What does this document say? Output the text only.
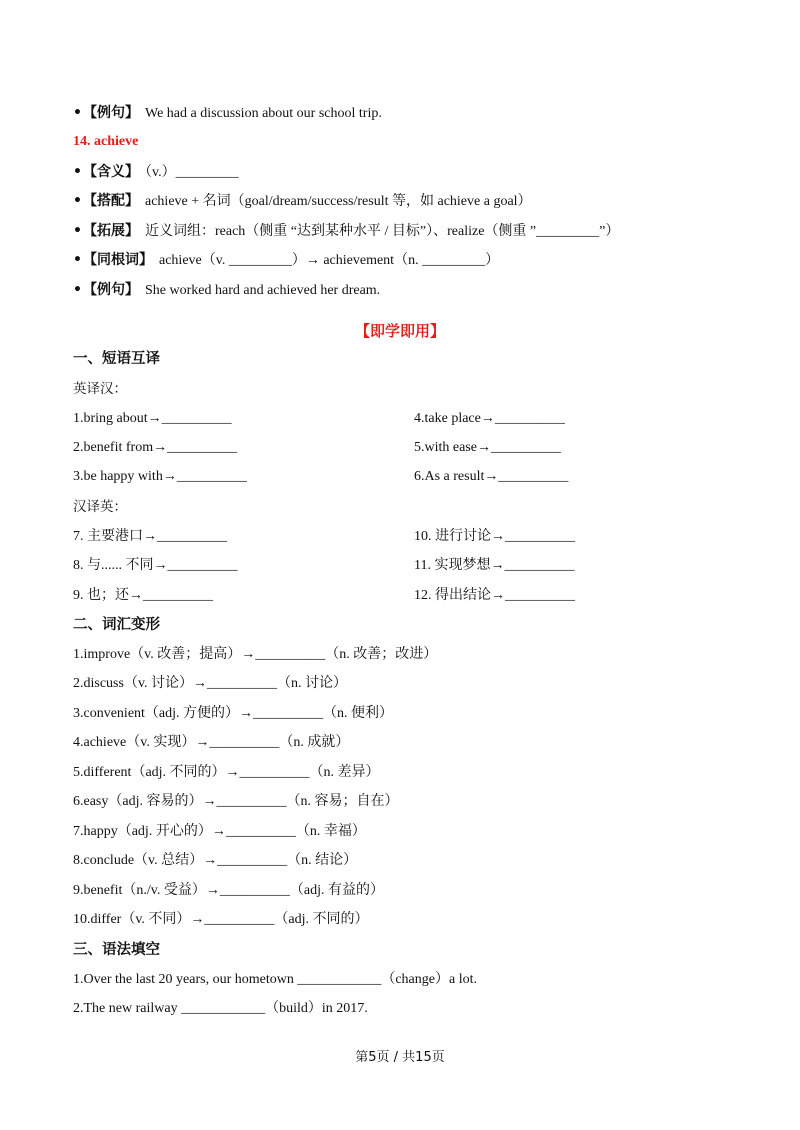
•【例句】 We had a discussion about our school trip.
14. achieve
•【含义】 （v.）_________
•【搭配】 achieve + 名词（goal/dream/success/result 等，如 achieve a goal）
•【拓展】 近义词组：reach（侧重 “达到某种水平 / 目标”）、realize（侧重 ”_________”）
•【同根词】 achieve（v. _________）→ achievement（n. _________）
•【例句】 She worked hard and achieved her dream.
【即学即用】
一、短语互译
英译汉：
1.bring about→__________	4.take place→__________
2.benefit from→__________	5.with ease→__________
3.be happy with→__________	6.As a result→__________
汉译英：
7. 主要港口→__________	10. 进行讨论→__________
8. 与...... 不同→__________	11. 实现梦想→__________
9. 也；还→__________	12. 得出结论→__________
二、词汇变形
1.improve（v. 改善；提高）→__________（n. 改善；改进）
2.discuss（v. 讨论）→__________（n. 讨论）
3.convenient（adj. 方便的）→__________（n. 便利）
4.achieve（v. 实现）→__________（n. 成就）
5.different（adj. 不同的）→__________（n. 差异）
6.easy（adj. 容易的）→__________（n. 容易；自在）
7.happy（adj. 开心的）→__________（n. 幸福）
8.conclude（v. 总结）→__________（n. 结论）
9.benefit（n./v. 受益）→__________（adj. 有益的）
10.differ（v. 不同）→__________（adj. 不同的）
三、语法填空
1.Over the last 20 years, our hometown ____________（change）a lot.
2.The new railway ____________（build）in 2017.
第5页 / 共15页
